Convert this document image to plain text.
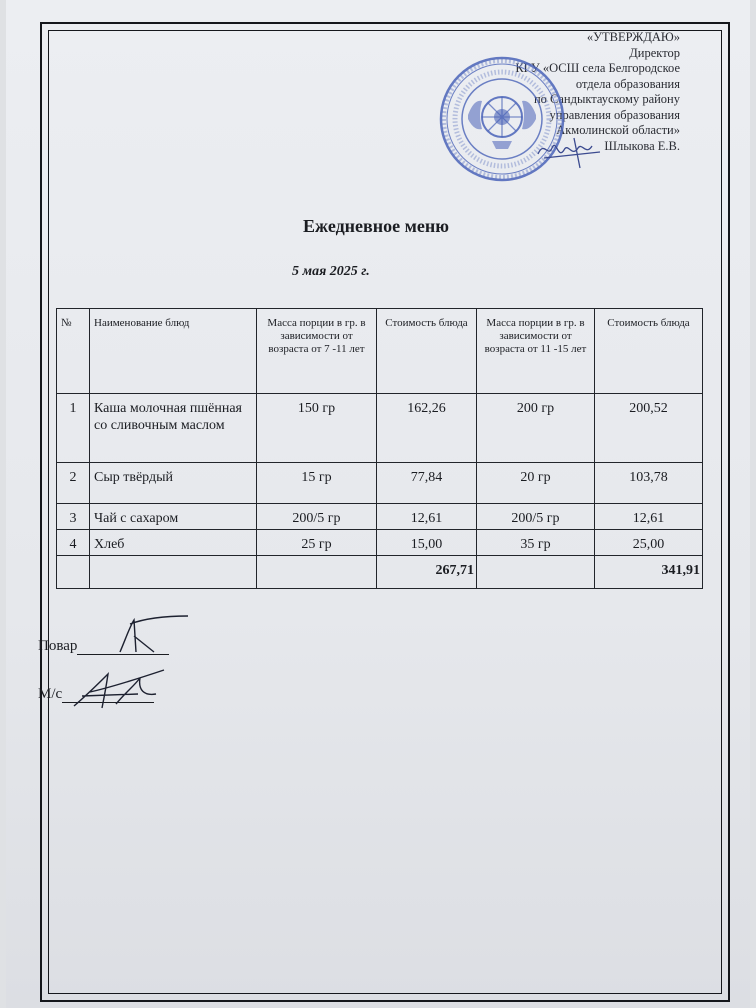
«УТВЕРЖДАЮ»
Директор
КГУ «ОСШ села Белгородское
отдела образования
по Сандыктаускому району
управления образования
Акмолинской области»
Шлыкова Е.В.
Ежедневное меню
5 мая 2025 г.
№	Наименование блюд	Масса порции в гр. в зависимости от возраста от 7 -11 лет	Стоимость блюда	Масса порции в гр. в зависимости от возраста от 11 -15 лет	Стоимость блюда
1	Каша молочная пшённая со сливочным маслом	150 гр	162,26	200 гр	200,52
2	Сыр твёрдый	15 гр	77,84	20 гр	103,78
3	Чай с сахаром	200/5 гр	12,61	200/5 гр	12,61
4	Хлеб	25 гр	15,00	35 гр	25,00
			267,71		341,91
Повар
М/с
